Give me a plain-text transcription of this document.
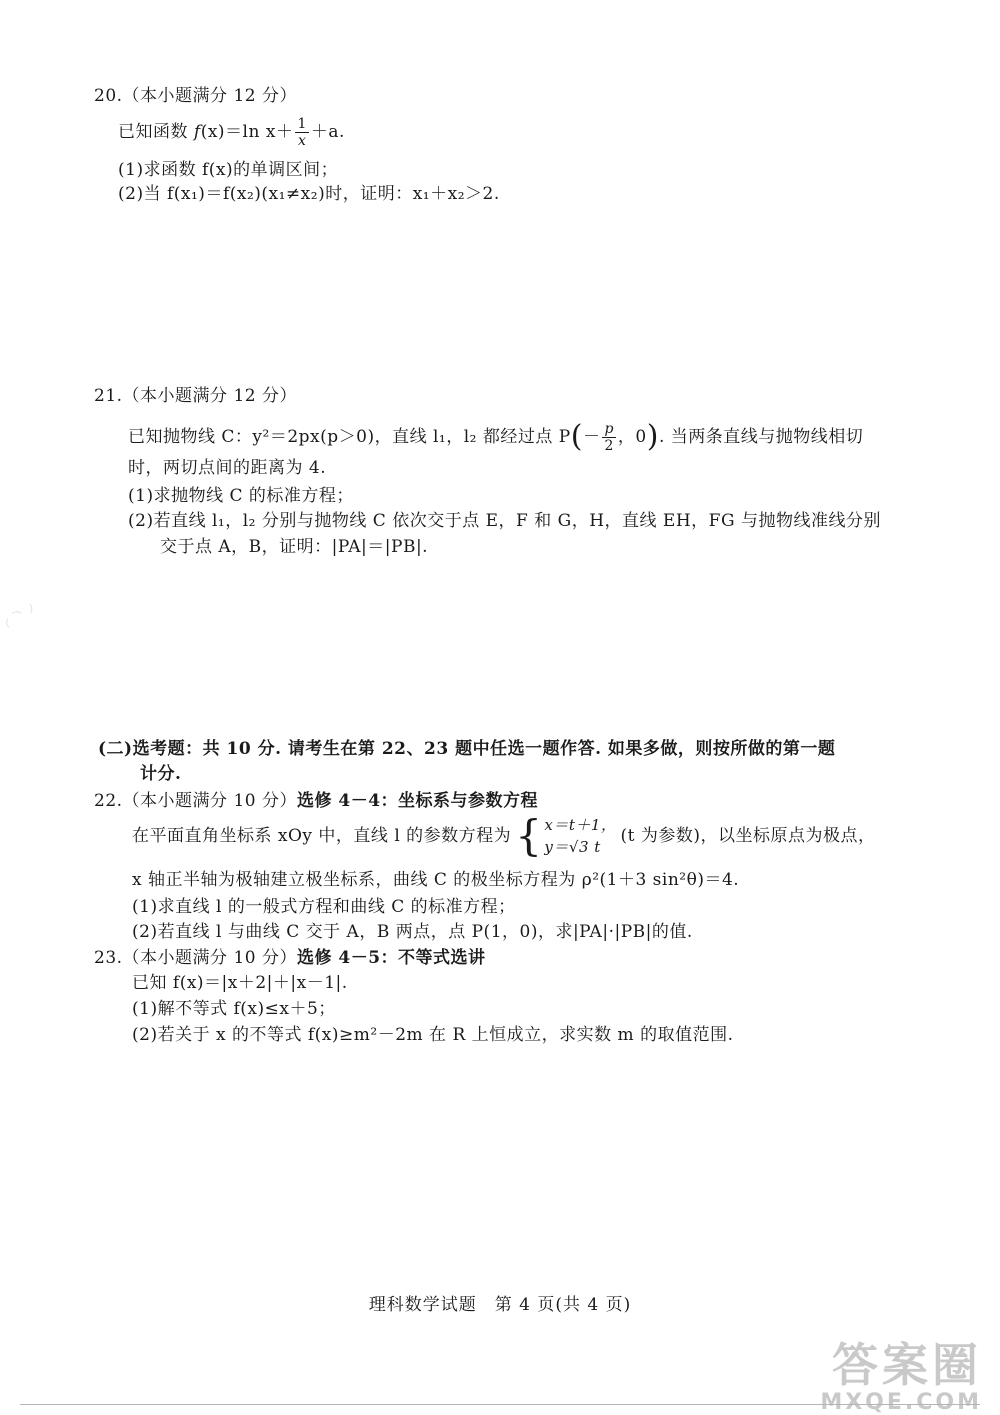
20.（本小题满分 12 分）
已知函数 f(x)＝ln $x+ \frac{1}{x} +a$.
(1)求函数 f(x)的单调区间；
(2)当 f(x₁)＝f(x₂)(x₁≠x₂)时，证明：x₁＋x₂＞2.
21.（本小题满分 12 分）
已知抛物线 C：y²＝2px(p＞0)，直线 l₁，l₂ 都经过点 $P(- \frac{p}{2}$ ，0). 当两条直线与抛物线相切
时，两切点间的距离为 4.
(1)求抛物线 C 的标准方程；
(2)若直线 l₁，l₂ 分别与抛物线 C 依次交于点 E，F 和 G，H，直线 EH，FG 与抛物线准线分别
交于点 A，B，证明：|PA|＝|PB|.
◜ ◝ ◞
(二)选考题：共 10 分. 请考生在第 22、23 题中任选一题作答. 如果多做，则按所做的第一题
计分.
22.（本小题满分 10 分）选修 4－4：坐标系与参数方程
在平面直角坐标系 xOy 中，直线 l 的参数方程为{ x＝t＋1，
y＝√3 t
(t 为参数)，以坐标原点为极点，
x 轴正半轴为极轴建立极坐标系，曲线 C 的极坐标方程为 ρ²(1＋3 sin²θ)＝4.
(1)求直线 l 的一般式方程和曲线 C 的标准方程；
(2)若直线 l 与曲线 C 交于 A，B 两点，点 P(1，0)，求|PA|·|PB|的值.
23.（本小题满分 10 分）选修 4－5：不等式选讲
已知 f(x)＝|x＋2|＋|x－1|.
(1)解不等式 f(x)≤x＋5；
(2)若关于 x 的不等式 f(x)≥m²－2m 在 R 上恒成立，求实数 m 的取值范围.
理科数学试题　第 4 页(共 4 页)
答案圈
MXQE.COM
